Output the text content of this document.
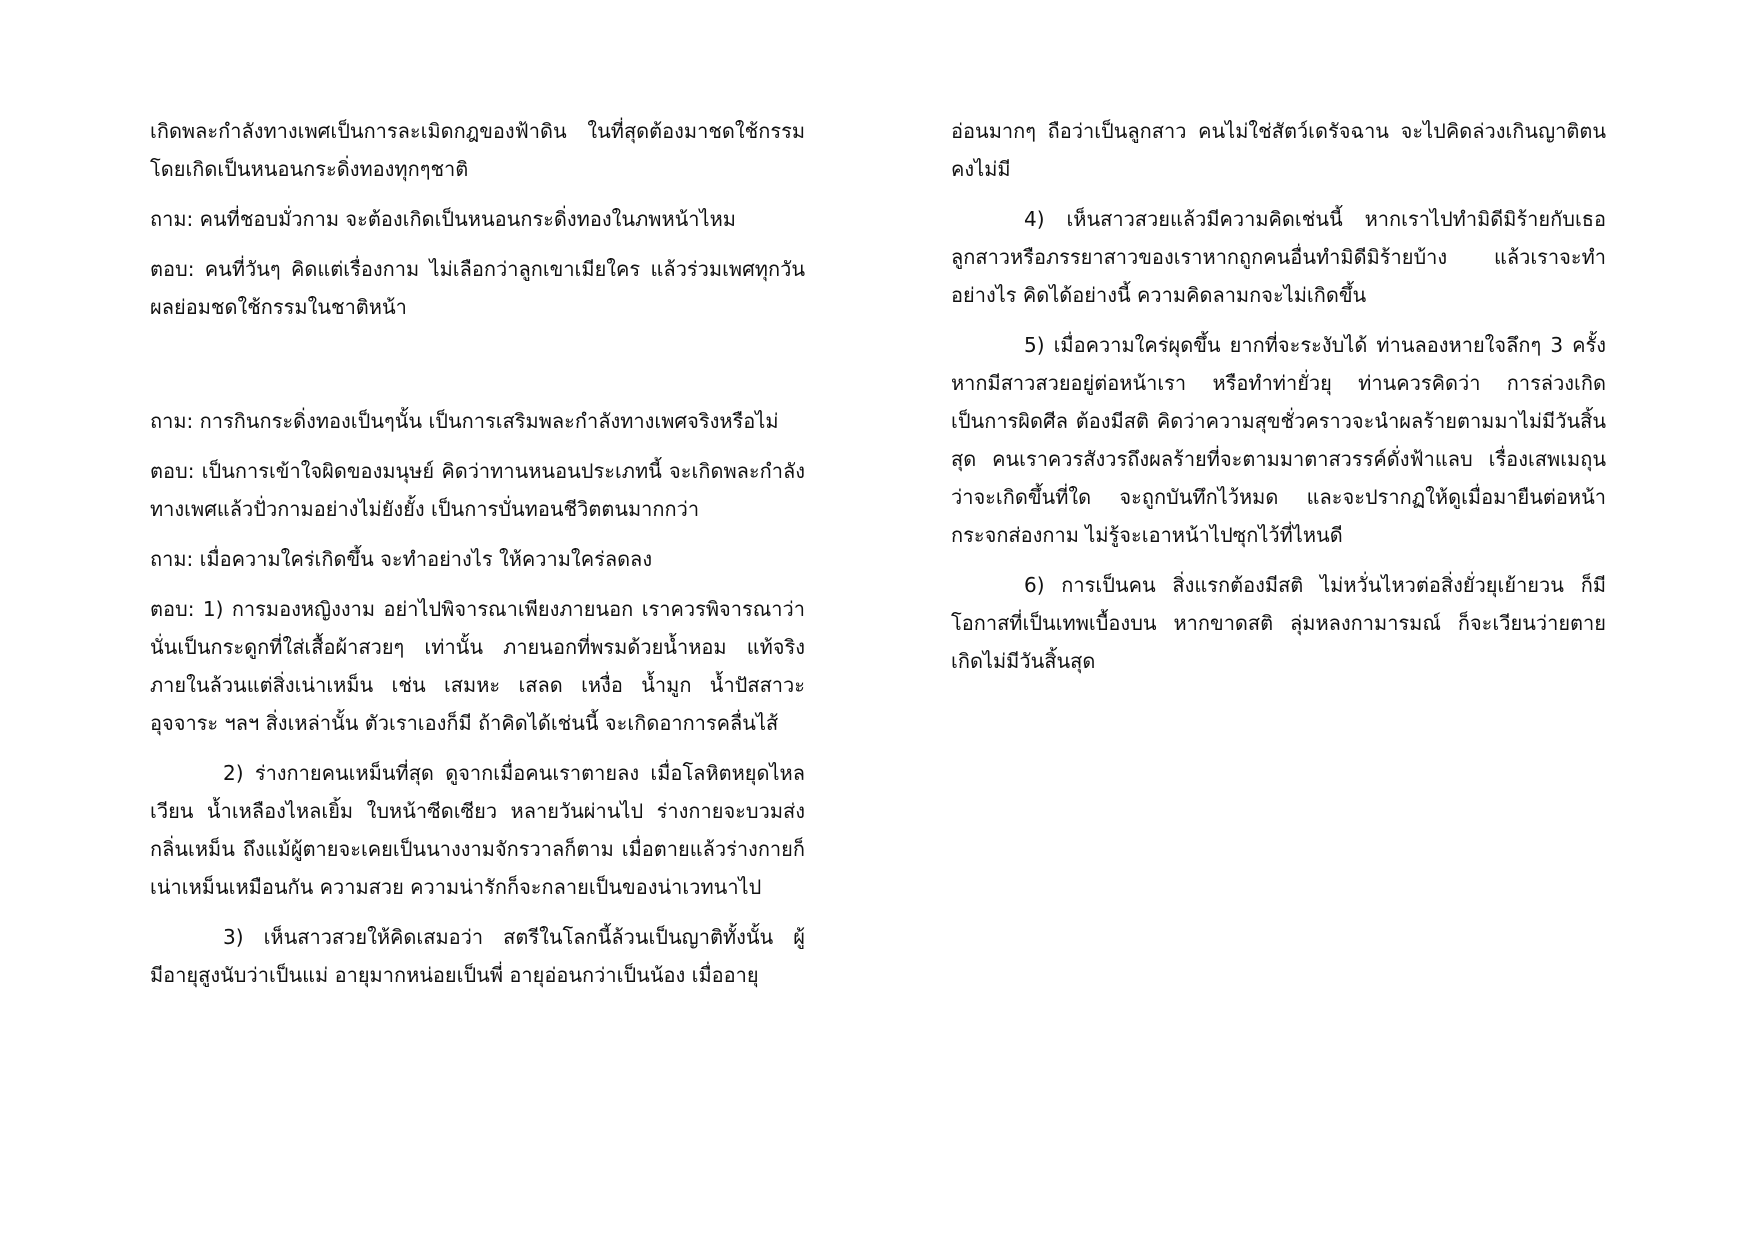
เกิดพละกำลังทางเพศเป็นการละเมิดกฎของฟ้าดิน ในที่สุดต้องมาชดใช้กรรมโดยเกิดเป็นหนอนกระดิ่งทองทุกๆชาติ

ถาม: คนที่ชอบมั่วกาม จะต้องเกิดเป็นหนอนกระดิ่งทองในภพหน้าไหม

ตอบ: คนที่วันๆ คิดแต่เรื่องกาม ไม่เลือกว่าลูกเขาเมียใคร แล้วร่วมเพศทุกวัน ผลย่อมชดใช้กรรมในชาติหน้า

ถาม: การกินกระดิ่งทองเป็นๆนั้น เป็นการเสริมพละกำลังทางเพศจริงหรือไม่

ตอบ: เป็นการเข้าใจผิดของมนุษย์ คิดว่าทานหนอนประเภทนี้ จะเกิดพละกำลังทางเพศแล้วปั่วกามอย่างไม่ยังยั้ง เป็นการบั่นทอนชีวิตตนมากกว่า

ถาม: เมื่อความใคร่เกิดขึ้น จะทำอย่างไร ให้ความใคร่ลดลง

ตอบ: 1) การมองหญิงงาม อย่าไปพิจารณาเพียงภายนอก เราควรพิจารณาว่า นั่นเป็นกระดูกที่ใส่เสื้อผ้าสวยๆ เท่านั้น ภายนอกที่พรมด้วยน้ำหอม แท้จริงภายในล้วนแต่สิ่งเน่าเหม็น เช่น เสมหะ เสลด เหงื่อ น้ำมูก น้ำปัสสาวะ อุจจาระ ฯลฯ สิ่งเหล่านั้น ตัวเราเองก็มี ถ้าคิดได้เช่นนี้ จะเกิดอาการคลื่นไส้

2) ร่างกายคนเหม็นที่สุด ดูจากเมื่อคนเราตายลง เมื่อโลหิตหยุดไหลเวียน น้ำเหลืองไหลเยิ้ม ใบหน้าซีดเซียว หลายวันผ่านไป ร่างกายจะบวมส่งกลิ่นเหม็น ถึงแม้ผู้ตายจะเคยเป็นนางงามจักรวาลก็ตาม เมื่อตายแล้วร่างกายก็เน่าเหม็นเหมือนกัน ความสวย ความน่ารักก็จะกลายเป็นของน่าเวทนาไป

3) เห็นสาวสวยให้คิดเสมอว่า สตรีในโลกนี้ล้วนเป็นญาติทั้งนั้น ผู้มีอายุสูงนับว่าเป็นแม่ อายุมากหน่อยเป็นพี่ อายุอ่อนกว่าเป็นน้อง เมื่ออายุ

อ่อนมากๆ ถือว่าเป็นลูกสาว คนไม่ใช่สัตว์เดรัจฉาน จะไปคิดล่วงเกินญาติตนคงไม่มี

4) เห็นสาวสวยแล้วมีความคิดเช่นนี้ หากเราไปทำมิดีมิร้ายกับเธอลูกสาวหรือภรรยาสาวของเราหากถูกคนอื่นทำมิดีมิร้ายบ้าง แล้วเราจะทำอย่างไร คิดได้อย่างนี้ ความคิดลามกจะไม่เกิดขึ้น

5) เมื่อความใคร่ผุดขึ้น ยากที่จะระงับได้ ท่านลองหายใจลึกๆ 3 ครั้ง หากมีสาวสวยอยู่ต่อหน้าเรา หรือทำท่ายั่วยุ ท่านควรคิดว่า การล่วงเกิดเป็นการผิดศีล ต้องมีสติ คิดว่าความสุขชั่วคราวจะนำผลร้ายตามมาไม่มีวันสิ้นสุด คนเราควรสังวรถึงผลร้ายที่จะตามมาตาสวรรค์ดั่งฟ้าแลบ เรื่องเสพเมถุนว่าจะเกิดขึ้นที่ใด จะถูกบันทึกไว้หมด และจะปรากฏให้ดูเมื่อมายืนต่อหน้ากระจกส่องกาม ไม่รู้จะเอาหน้าไปซุกไว้ที่ไหนดี

6) การเป็นคน สิ่งแรกต้องมีสติ ไม่หวั่นไหวต่อสิ่งยั่วยุเย้ายวน ก็มีโอกาสที่เป็นเทพเบื้องบน หากขาดสติ ลุ่มหลงกามารมณ์ ก็จะเวียนว่ายตายเกิดไม่มีวันสิ้นสุด
